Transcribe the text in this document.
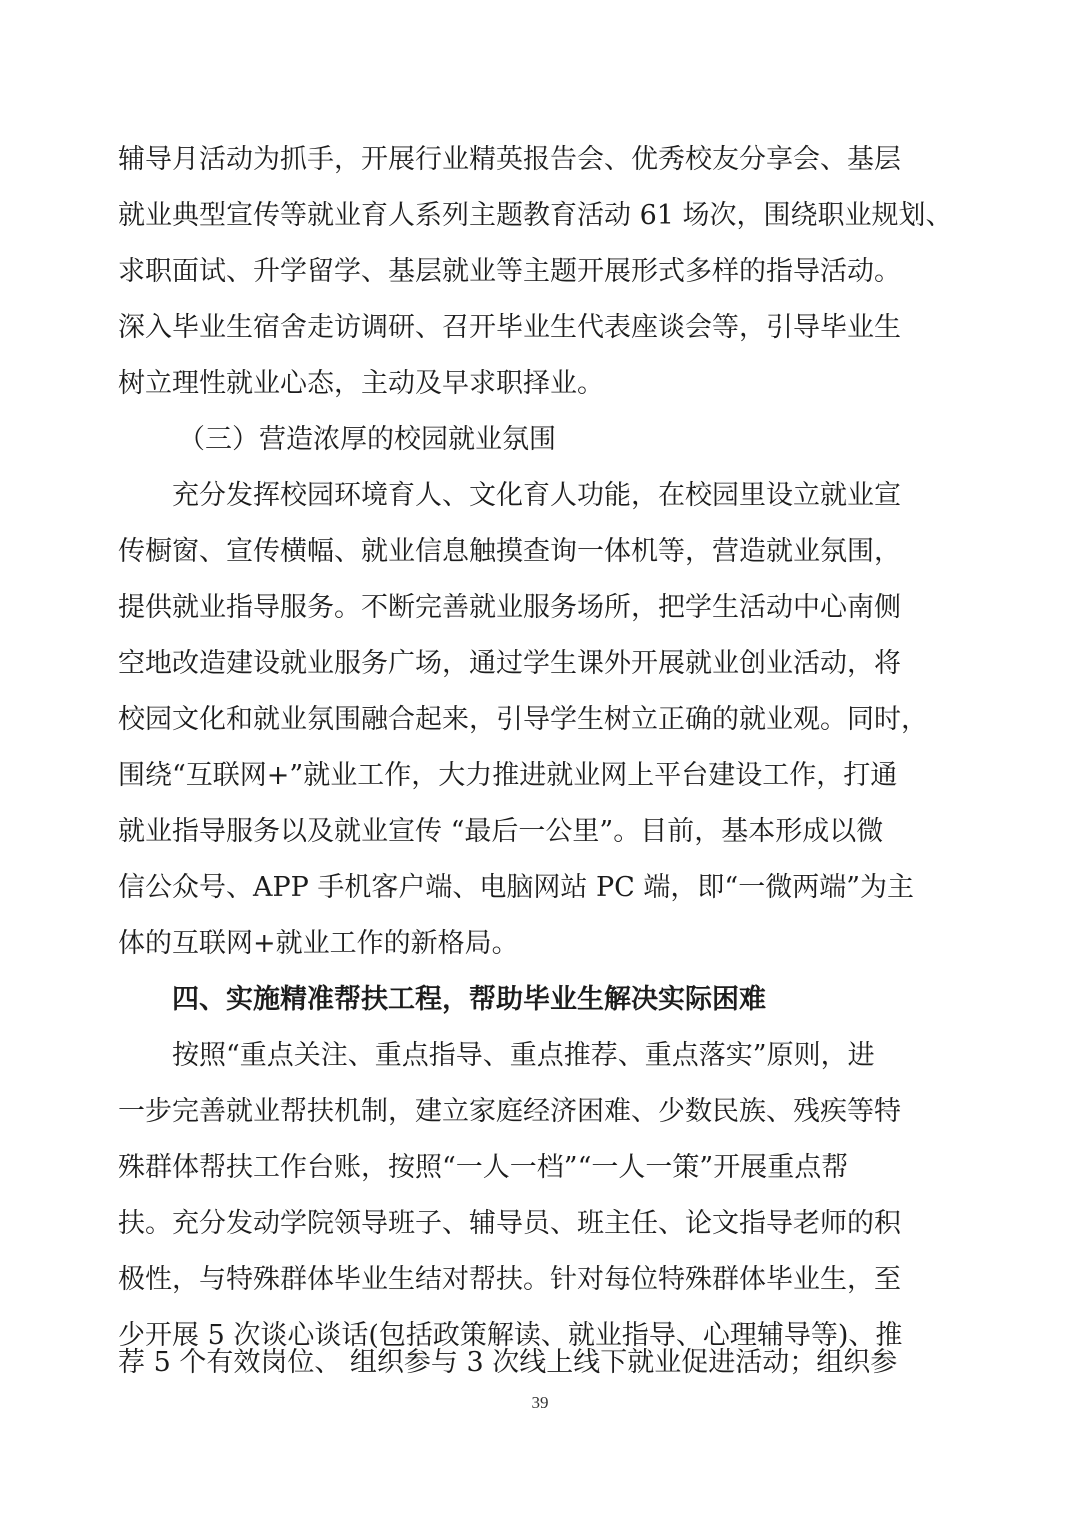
辅导月活动为抓手，开展行业精英报告会、优秀校友分享会、基层
就业典型宣传等就业育人系列主题教育活动 61 场次，围绕职业规划、
求职面试、升学留学、基层就业等主题开展形式多样的指导活动。
深入毕业生宿舍走访调研、召开毕业生代表座谈会等，引导毕业生
树立理性就业心态，主动及早求职择业。
（三）营造浓厚的校园就业氛围
充分发挥校园环境育人、文化育人功能，在校园里设立就业宣
传橱窗、宣传横幅、就业信息触摸查询一体机等，营造就业氛围，
提供就业指导服务。不断完善就业服务场所，把学生活动中心南侧
空地改造建设就业服务广场，通过学生课外开展就业创业活动，将
校园文化和就业氛围融合起来，引导学生树立正确的就业观。同时，
围绕“互联网+”就业工作，大力推进就业网上平台建设工作，打通
就业指导服务以及就业宣传 “最后一公里”。目前，基本形成以微
信公众号、APP 手机客户端、电脑网站 PC 端，即“一微两端”为主
体的互联网+就业工作的新格局。
四、实施精准帮扶工程，帮助毕业生解决实际困难
按照“重点关注、重点指导、重点推荐、重点落实”原则，进
一步完善就业帮扶机制，建立家庭经济困难、少数民族、残疾等特
殊群体帮扶工作台账，按照“一人一档”“一人一策”开展重点帮
扶。充分发动学院领导班子、辅导员、班主任、论文指导老师的积
极性，与特殊群体毕业生结对帮扶。针对每位特殊群体毕业生，至
少开展 5 次谈心谈话(包括政策解读、就业指导、心理辅导等)、推
荐 5 个有效岗位、 组织参与 3 次线上线下就业促进活动；组织参
39
